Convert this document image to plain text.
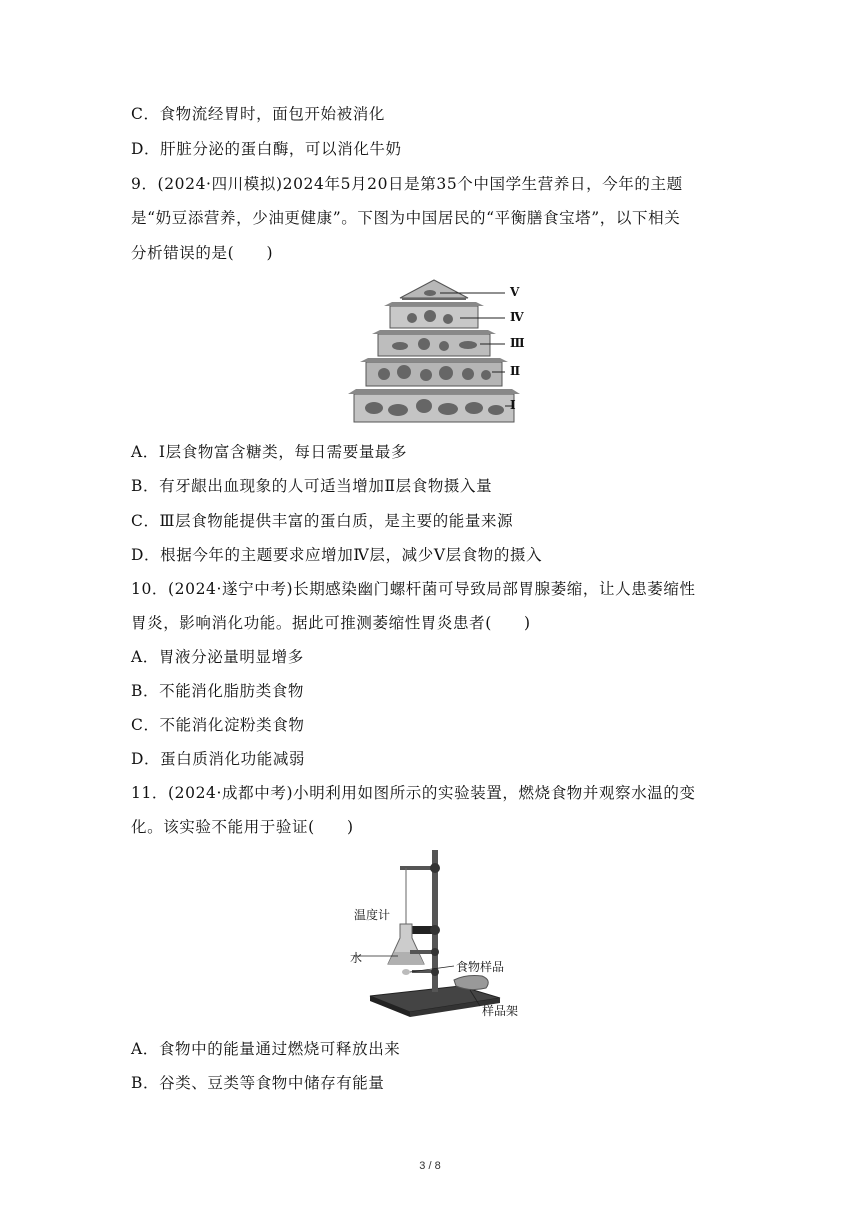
C．食物流经胃时，面包开始被消化
D．肝脏分泌的蛋白酶，可以消化牛奶
9．(2024·四川模拟)2024年5月20日是第35个中国学生营养日，今年的主题
是“奶豆添营养，少油更健康”。下图为中国居民的“平衡膳食宝塔”，以下相关
分析错误的是(　　)
Ⅴ
Ⅳ
Ⅲ
Ⅱ
Ⅰ
A．Ⅰ层食物富含糖类，每日需要量最多
B．有牙龈出血现象的人可适当增加Ⅱ层食物摄入量
C．Ⅲ层食物能提供丰富的蛋白质，是主要的能量来源
D．根据今年的主题要求应增加Ⅳ层，减少Ⅴ层食物的摄入
10．(2024·遂宁中考)长期感染幽门螺杆菌可导致局部胃腺萎缩，让人患萎缩性
胃炎，影响消化功能。据此可推测萎缩性胃炎患者(　　)
A．胃液分泌量明显增多
B．不能消化脂肪类食物
C．不能消化淀粉类食物
D．蛋白质消化功能减弱
11．(2024·成都中考)小明利用如图所示的实验装置，燃烧食物并观察水温的变
化。该实验不能用于验证(　　)
温度计
水
食物样品
样品架
A．食物中的能量通过燃烧可释放出来
B．谷类、豆类等食物中储存有能量
3 / 8
